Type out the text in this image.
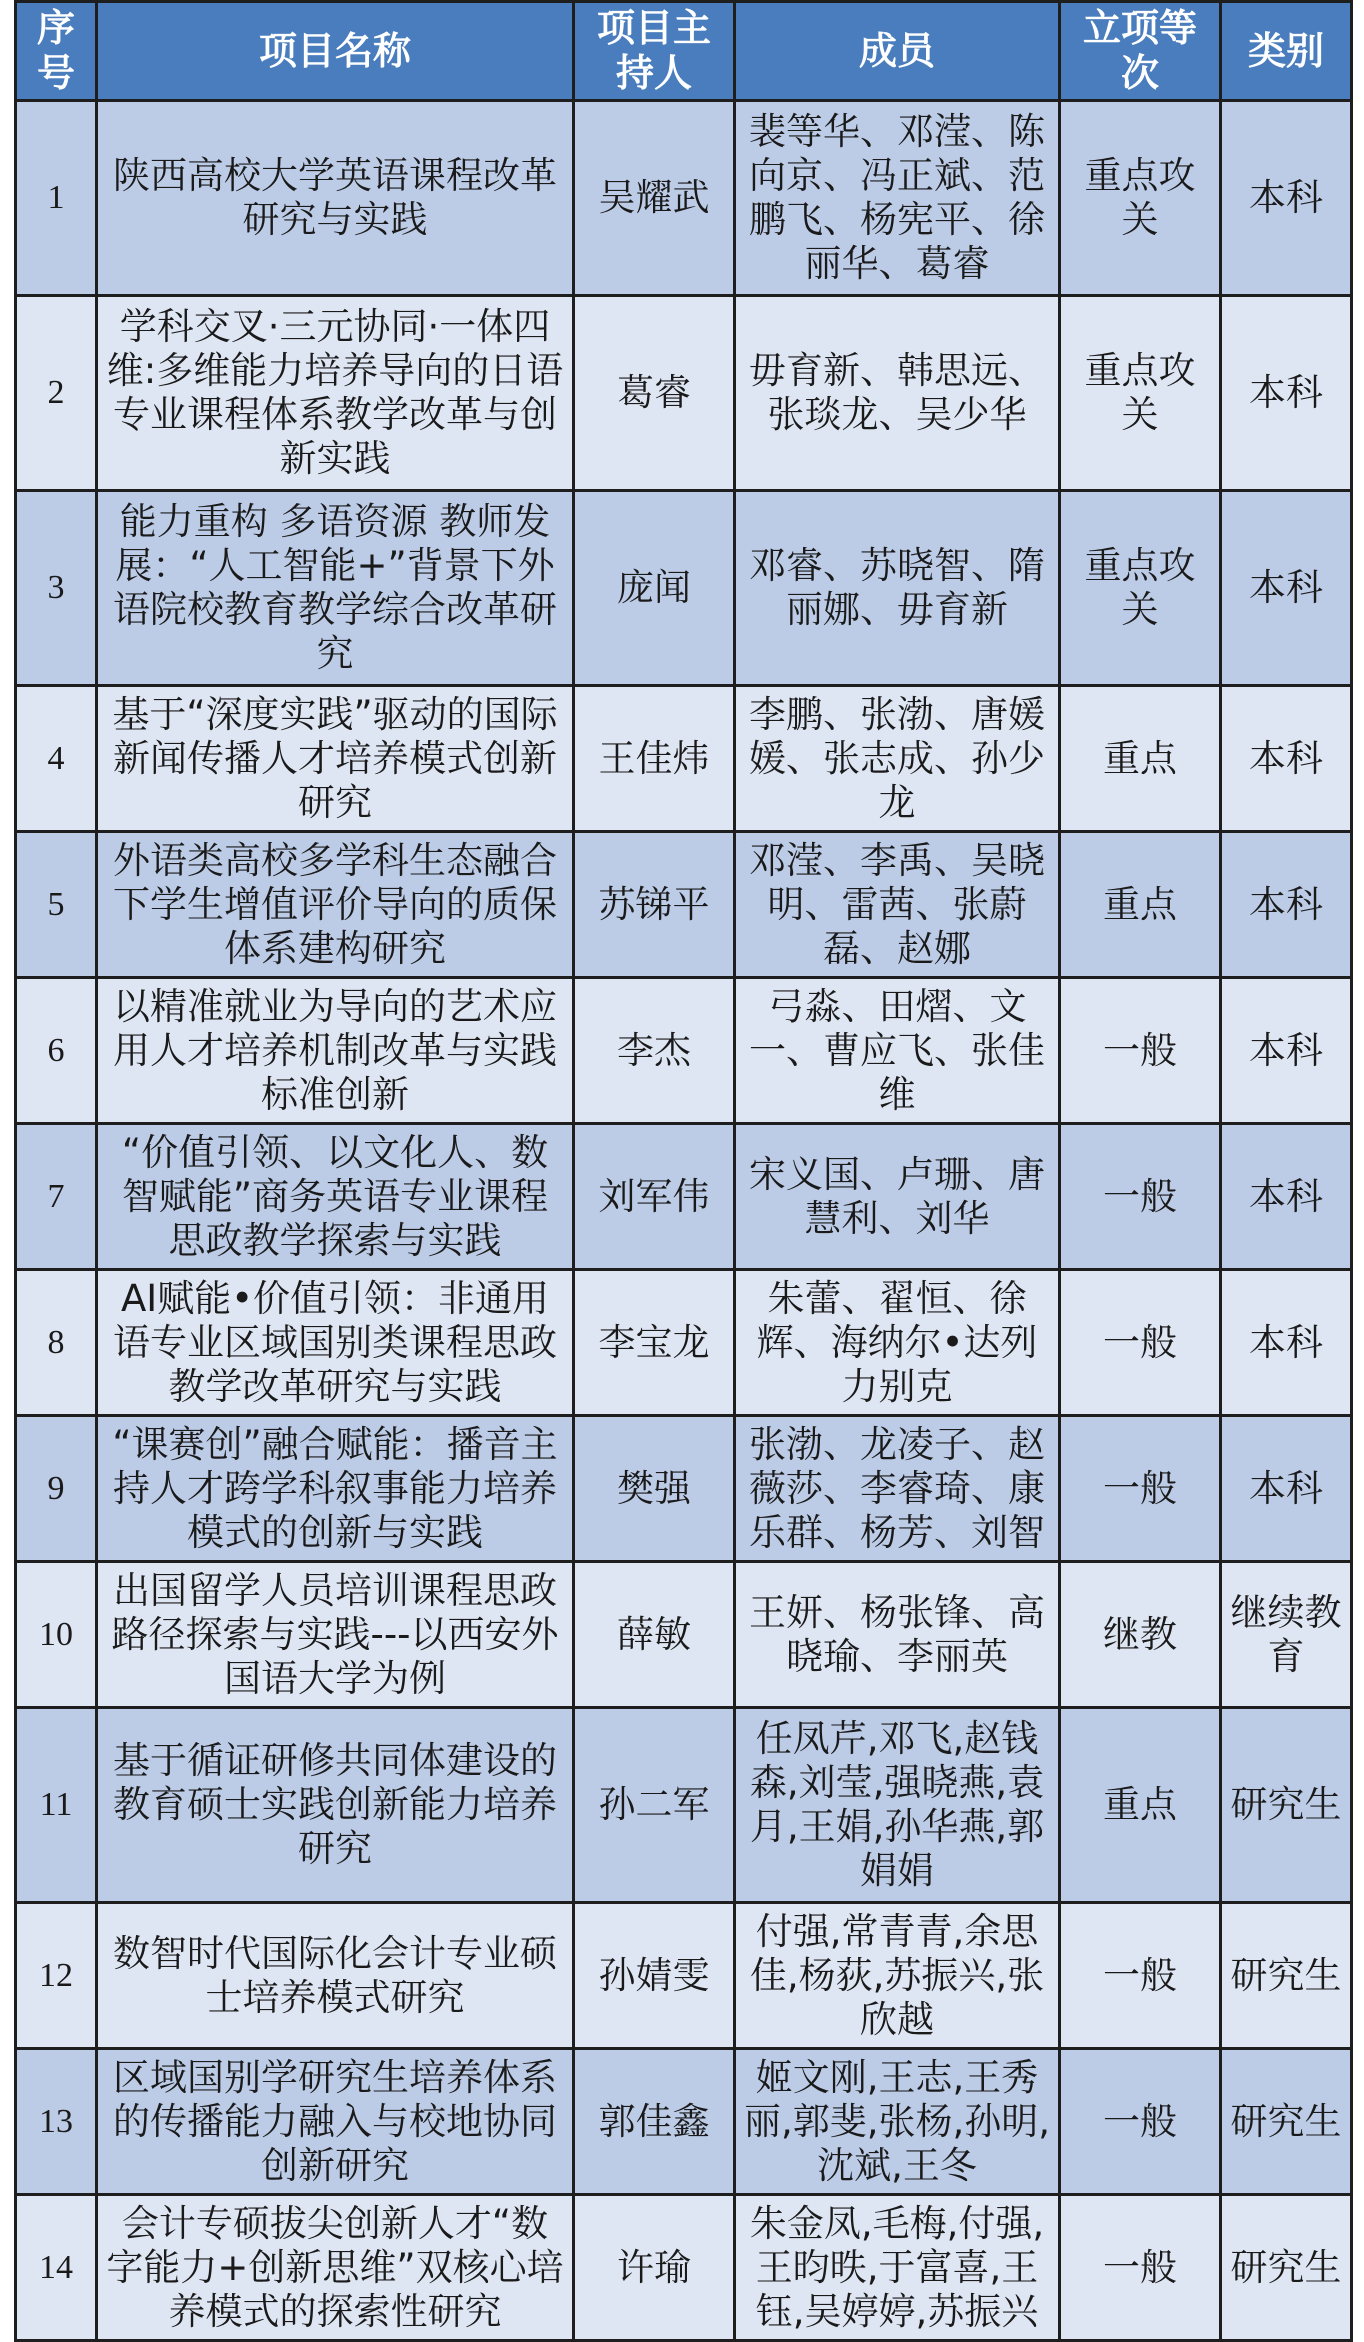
序号	项目名称	项目主持人	成员	立项等次	类别
1	陕西高校大学英语课程改革研究与实践	吴耀武	裴等华、邓滢、陈向京、冯正斌、范鹏飞、杨宪平、徐丽华、葛睿	重点攻关	本科
2	学科交叉·三元协同·一体四维:多维能力培养导向的日语专业课程体系教学改革与创新实践	葛睿	毋育新、韩思远、张琰龙、吴少华	重点攻关	本科
3	能力重构 多语资源 教师发展：“人工智能+”背景下外语院校教育教学综合改革研究	庞闻	邓睿、苏晓智、隋丽娜、毋育新	重点攻关	本科
4	基于“深度实践”驱动的国际新闻传播人才培养模式创新研究	王佳炜	李鹏、张渤、唐媛媛、张志成、孙少龙	重点	本科
5	外语类高校多学科生态融合下学生增值评价导向的质保体系建构研究	苏锑平	邓滢、李禹、吴晓明、雷茜、张蔚磊、赵娜	重点	本科
6	以精准就业为导向的艺术应用人才培养机制改革与实践标准创新	李杰	弓淼、田熠、文一、曹应飞、张佳维	一般	本科
7	“价值引领、以文化人、数智赋能”商务英语专业课程思政教学探索与实践	刘军伟	宋义国、卢珊、唐慧利、刘华	一般	本科
8	AI赋能•价值引领：非通用语专业区域国别类课程思政教学改革研究与实践	李宝龙	朱蕾、翟恒、徐辉、海纳尔•达列力别克	一般	本科
9	“课赛创”融合赋能：播音主持人才跨学科叙事能力培养模式的创新与实践	樊强	张渤、龙凌子、赵薇莎、李睿琦、康乐群、杨芳、刘智	一般	本科
10	出国留学人员培训课程思政路径探索与实践---以西安外国语大学为例	薛敏	王妍、杨张锋、高晓瑜、李丽英	继教	继续教育
11	基于循证研修共同体建设的教育硕士实践创新能力培养研究	孙二军	任凤芹,邓飞,赵钱森,刘莹,强晓燕,袁月,王娟,孙华燕,郭娟娟	重点	研究生
12	数智时代国际化会计专业硕士培养模式研究	孙婧雯	付强,常青青,余思佳,杨荻,苏振兴,张欣越	一般	研究生
13	区域国别学研究生培养体系的传播能力融入与校地协同创新研究	郭佳鑫	姬文刚,王志,王秀丽,郭斐,张杨,孙明,沈斌,王冬	一般	研究生
14	会计专硕拔尖创新人才“数字能力+创新思维”双核心培养模式的探索性研究	许瑜	朱金凤,毛梅,付强,王昀昳,于富喜,王钰,吴婷婷,苏振兴	一般	研究生
